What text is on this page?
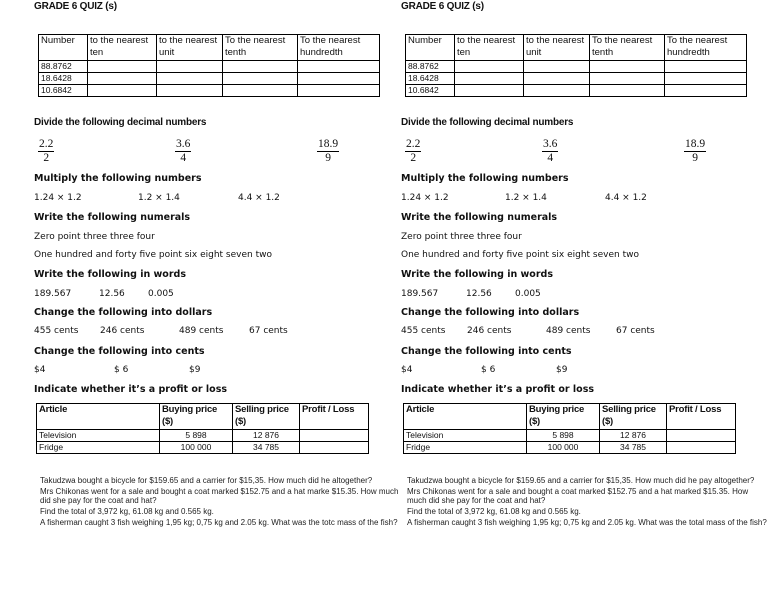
GRADE 6 QUIZ (s)
Number	to the nearest ten	to the nearest unit	To the nearest tenth	To the nearest hundredth
88.8762				
18.6428				
10.6842				
Divide the following decimal numbers
$\frac{2.2}{2}$	$\frac{3.6}{4}$	$\frac{18.9}{9}$
Multiply the following numbers
1.24 × 1.2	1.2 × 1.4	4.4 × 1.2
Write the following numerals
Zero point three three four
One hundred and forty five point six eight seven two
Write the following in words
189.567	12.56	0.005
Change the following into dollars
455 cents 246 cents	489 cents	67 cents
Change the following into cents
$4	$ 6	$9
Indicate whether it’s a profit or loss
Article	Buying price ($)	Selling price ($)	Profit / Loss
Television	5 898	12 876	
Fridge	100 000	34 785	

Takudzwa bought a bicycle for $159.65 and a carrier for $15,35. How much did he altogether?

Mrs Chikonas went for a sale and bought a coat marked $152.75 and a hat marke $15.35. How much did she pay for the coat and hat?

Find the total of 3,972 kg, 61.08 kg and 0.565 kg.

A fisherman caught 3 fish weighing 1,95 kg; 0,75 kg and 2.05 kg. What was the totc mass of the fish?

GRADE 6 QUIZ (s)
Number	to the nearest ten	to the nearest unit	To the nearest tenth	To the nearest hundredth
88.8762				
18.6428				
10.6842				
Divide the following decimal numbers
$\frac{2.2}{2}$	$\frac{3.6}{4}$	$\frac{18.9}{9}$
Multiply the following numbers
1.24 × 1.2	1.2 × 1.4	4.4 × 1.2
Write the following numerals
Zero point three three four
One hundred and forty five point six eight seven two
Write the following in words
189.567	12.56	0.005
Change the following into dollars
455 cents 246 cents	489 cents	67 cents
Change the following into cents
$4	$ 6	$9
Indicate whether it’s a profit or loss
Article	Buying price ($)	Selling price ($)	Profit / Loss
Television	5 898	12 876	
Fridge	100 000	34 785	

Takudzwa bought a bicycle for $159.65 and a carrier for $15,35. How much did he pay altogether?

Mrs Chikonas went for a sale and bought a coat marked $152.75 and a hat marked $15.35. How much did she pay for the coat and hat?

Find the total of 3,972 kg, 61.08 kg and 0.565 kg.

A fisherman caught 3 fish weighing 1,95 kg; 0,75 kg and 2.05 kg. What was the total mass of the fish?
